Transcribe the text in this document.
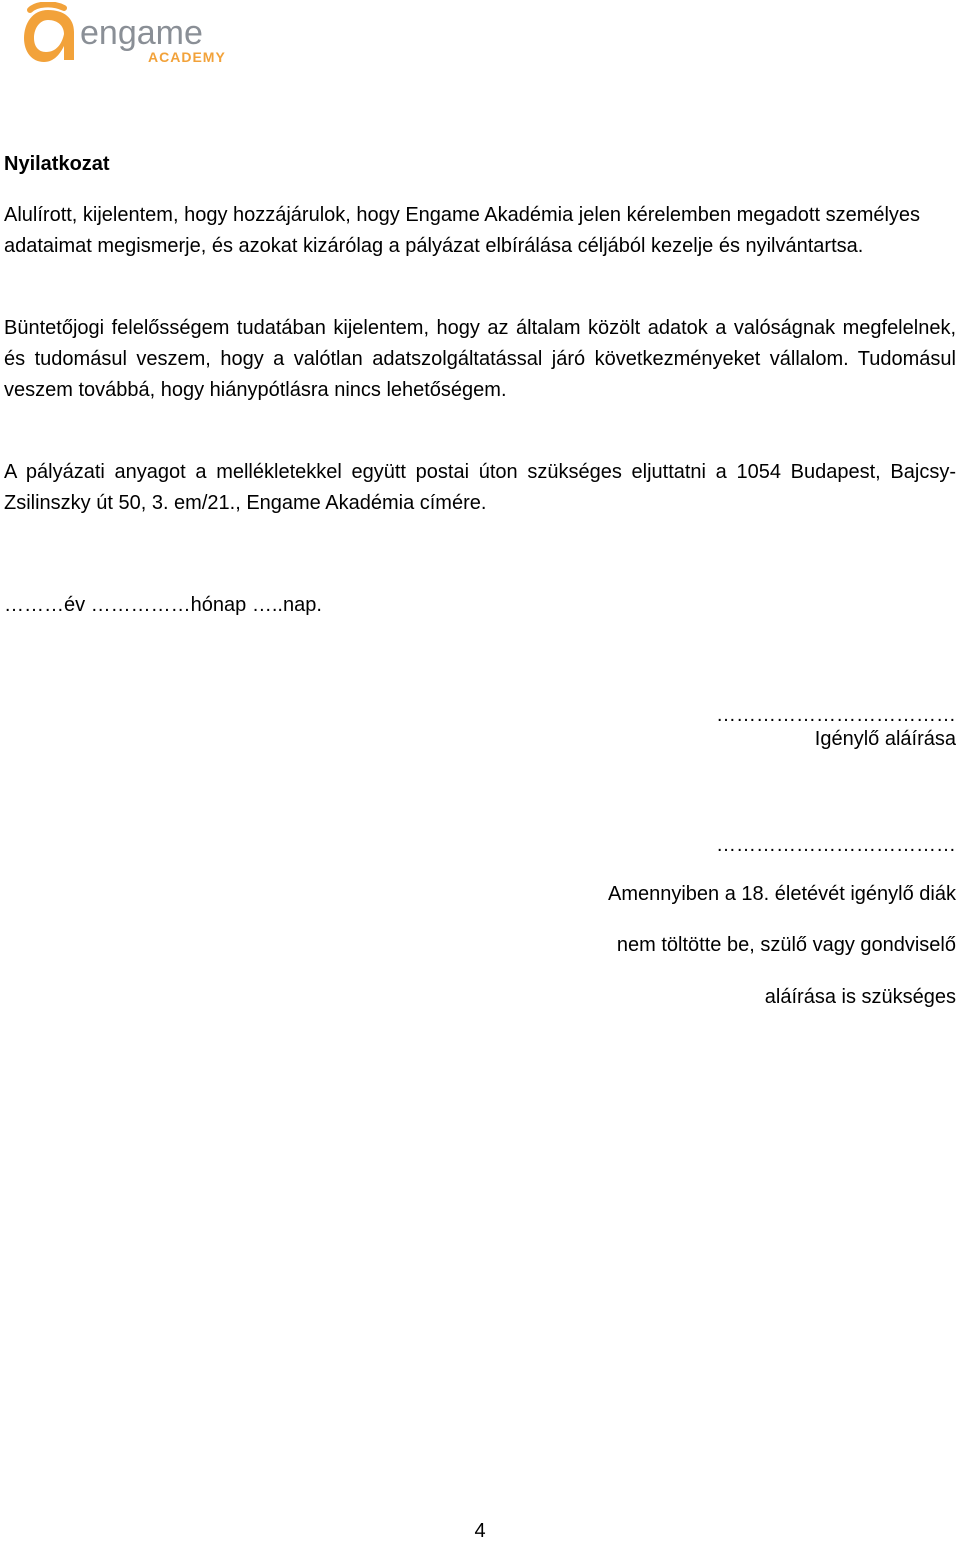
engame
ACADEMY
Nyilatkozat

Alulírott, kijelentem, hogy hozzájárulok, hogy Engame Akadémia jelen kérelemben megadott személyes adataimat megismerje, és azokat kizárólag a pályázat elbírálása céljából kezelje és nyilvántartsa.

Büntetőjogi felelősségem tudatában kijelentem, hogy az általam közölt adatok a valóságnak megfelelnek, és tudomásul veszem, hogy a valótlan adatszolgáltatással járó következményeket vállalom. Tudomásul veszem továbbá, hogy hiánypótlásra nincs lehetőségem.

A pályázati anyagot a mellékletekkel együtt postai úton szükséges eljuttatni a 1054 Budapest, Bajcsy-Zsilinszky út 50, 3. em/21., Engame Akadémia címére.

………év ……………hónap …..nap.
………………………………
Igénylő aláírása
………………………………
Amennyiben a 18. életévét igénylő diák
nem töltötte be, szülő vagy gondviselő
aláírása is szükséges
4
